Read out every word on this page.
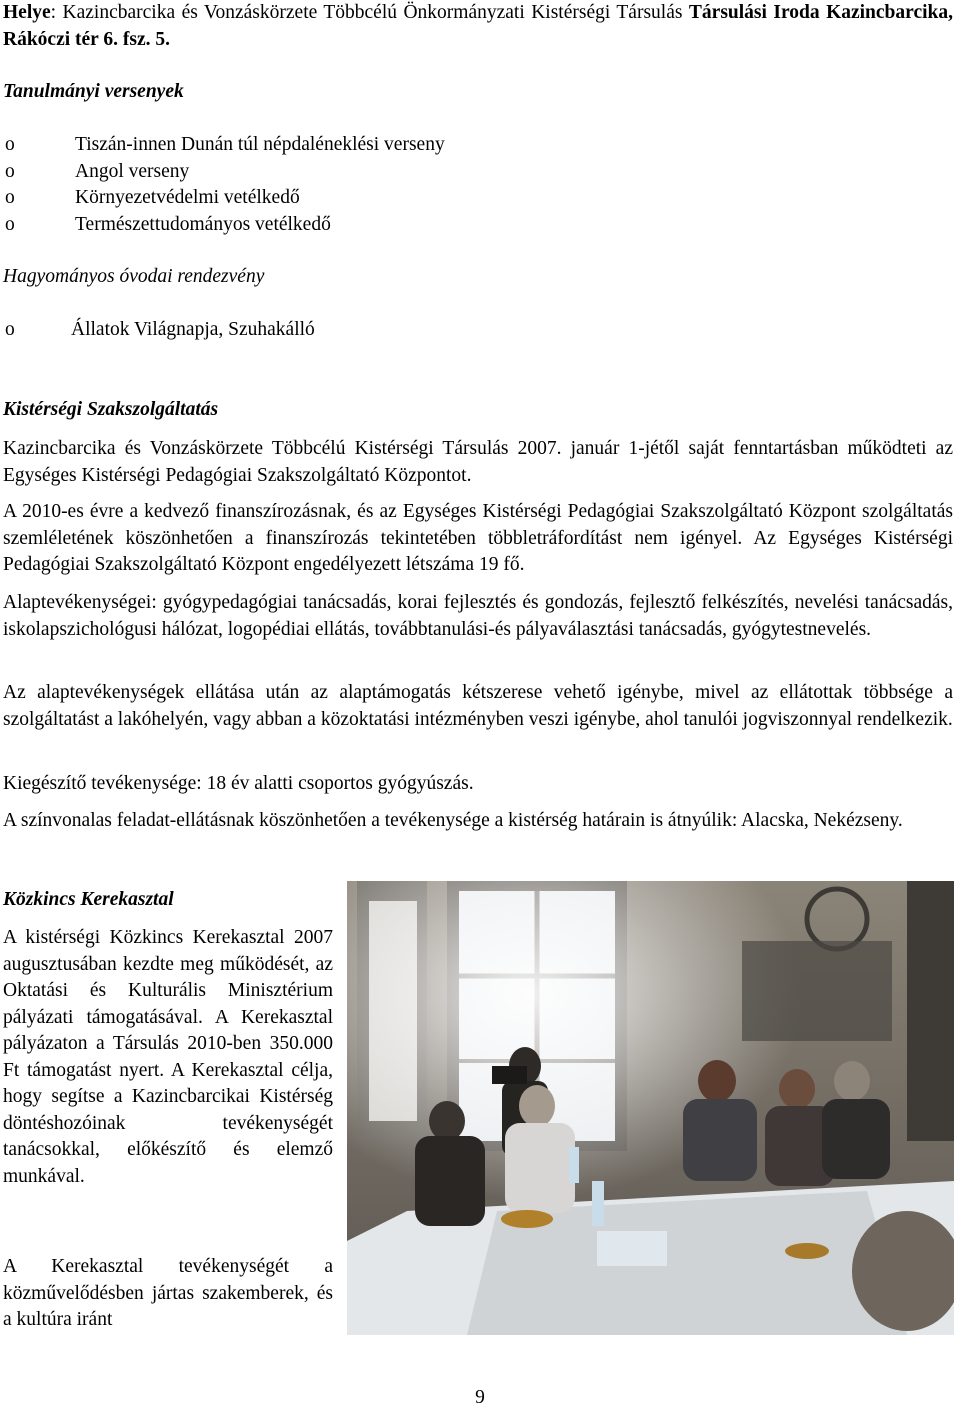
Helye: Kazincbarcika és Vonzáskörzete Többcélú Önkormányzati Kistérségi Társulás Társulási Iroda Kazincbarcika, Rákóczi tér 6. fsz. 5.
Tanulmányi versenyek
o	Tiszán-innen Dunán túl népdaléneklési verseny
o	Angol verseny
o	Környezetvédelmi vetélkedő
o	Természettudományos vetélkedő
Hagyományos óvodai rendezvény
o	Állatok Világnapja, Szuhakálló
Kistérségi Szakszolgáltatás
Kazincbarcika és Vonzáskörzete Többcélú Kistérségi Társulás 2007. január 1-jétől saját fenntartásban működteti az Egységes Kistérségi Pedagógiai Szakszolgáltató Központot.
A 2010-es évre a kedvező finanszírozásnak, és az Egységes Kistérségi Pedagógiai Szakszolgáltató Központ szolgáltatás szemléletének köszönhetően a finanszírozás tekintetében többletráfordítást nem igényel. Az Egységes Kistérségi Pedagógiai Szakszolgáltató Központ engedélyezett létszáma 19 fő.
Alaptevékenységei: gyógypedagógiai tanácsadás, korai fejlesztés és gondozás, fejlesztő felkészítés, nevelési tanácsadás, iskolapszichológusi hálózat, logopédiai ellátás, továbbtanulási-és pályaválasztási tanácsadás, gyógytestnevelés.
Az alaptevékenységek ellátása után az alaptámogatás kétszerese vehető igénybe, mivel az ellátottak többsége a szolgáltatást a lakóhelyén, vagy abban a közoktatási intézményben veszi igénybe, ahol tanulói jogviszonnyal rendelkezik.
Kiegészítő tevékenysége: 18 év alatti csoportos gyógyúszás.
A színvonalas feladat-ellátásnak köszönhetően a tevékenysége a kistérség határain is átnyúlik: Alacska, Nekézseny.
Közkincs Kerekasztal
A kistérségi Közkincs Kerekasztal 2007 augusztusában kezdte meg működését, az Oktatási és Kulturális Minisztérium pályázati támogatásával. A Kerekasztal pályázaton a Társulás 2010-ben 350.000 Ft támogatást nyert. A Kerekasztal célja, hogy segítse a Kazincbarcikai Kistérség döntéshozóinak tevékenységét tanácsokkal, előkészítő és elemző munkával.
A Kerekasztal tevékenységét a közművelődésben jártas szakemberek, és a kultúra iránt
9
